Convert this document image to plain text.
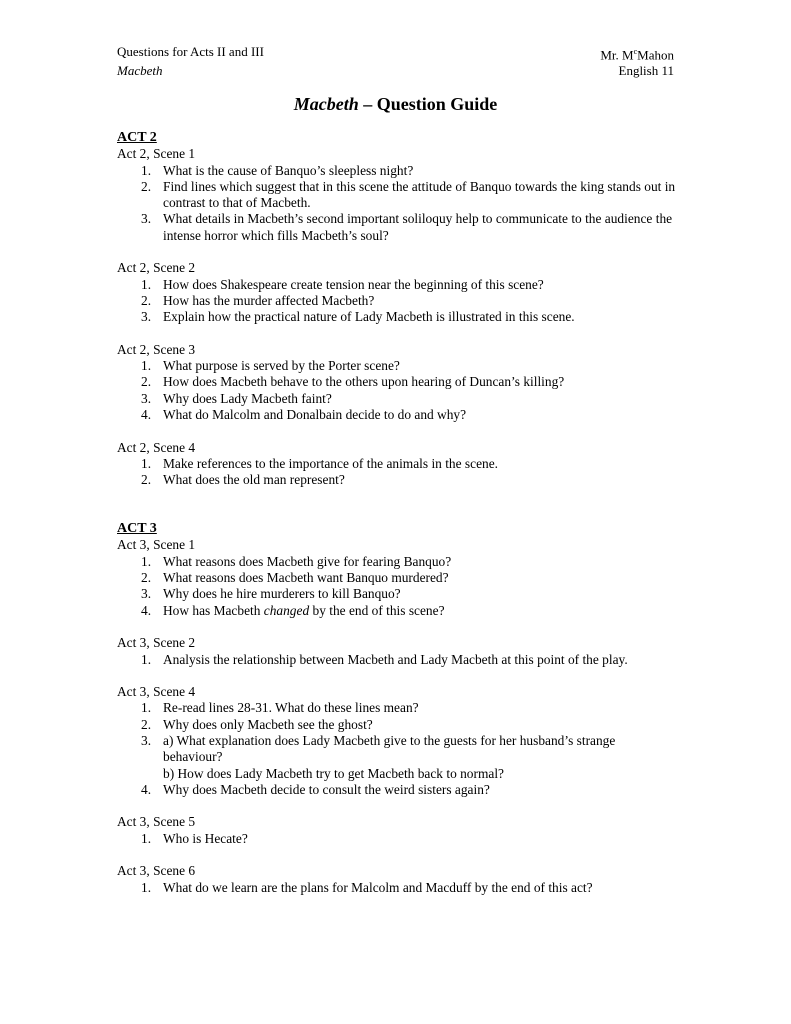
Questions for Acts II and III	Mr. $M^cMahon$
Macbeth	English 11
Macbeth – Question Guide
ACT 2
Act 2, Scene 1
1. What is the cause of Banquo’s sleepless night?
2. Find lines which suggest that in this scene the attitude of Banquo towards the king stands out in contrast to that of Macbeth.
3. What details in Macbeth’s second important soliloquy help to communicate to the audience the intense horror which fills Macbeth’s soul?
Act 2, Scene 2
1. How does Shakespeare create tension near the beginning of this scene?
2. How has the murder affected Macbeth?
3. Explain how the practical nature of Lady Macbeth is illustrated in this scene.
Act 2, Scene 3
1. What purpose is served by the Porter scene?
2. How does Macbeth behave to the others upon hearing of Duncan’s killing?
3. Why does Lady Macbeth faint?
4. What do Malcolm and Donalbain decide to do and why?
Act 2, Scene 4
1. Make references to the importance of the animals in the scene.
2. What does the old man represent?
ACT 3
Act 3, Scene 1
1. What reasons does Macbeth give for fearing Banquo?
2. What reasons does Macbeth want Banquo murdered?
3. Why does he hire murderers to kill Banquo?
4. How has Macbeth changed by the end of this scene?
Act 3, Scene 2
1. Analysis the relationship between Macbeth and Lady Macbeth at this point of the play.
Act 3, Scene 4
1. Re-read lines 28-31. What do these lines mean?
2. Why does only Macbeth see the ghost?
3. a) What explanation does Lady Macbeth give to the guests for her husband’s strange behaviour?
b) How does Lady Macbeth try to get Macbeth back to normal?
4. Why does Macbeth decide to consult the weird sisters again?
Act 3, Scene 5
1. Who is Hecate?
Act 3, Scene 6
1. What do we learn are the plans for Malcolm and Macduff by the end of this act?
